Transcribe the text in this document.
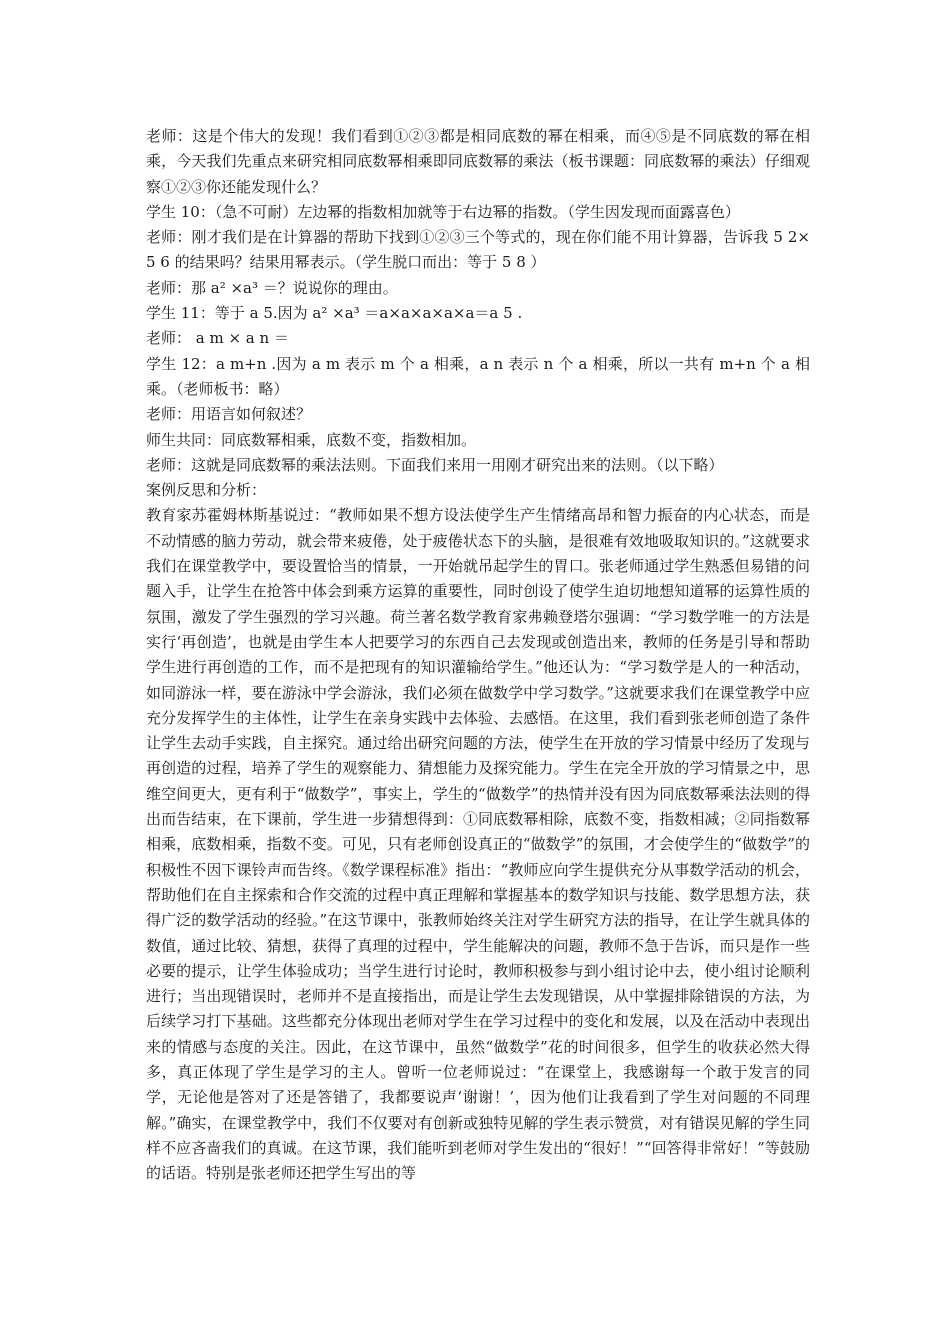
老师：这是个伟大的发现！我们看到①②③都是相同底数的幂在相乘，而④⑤是不同底数的幂在相乘，今天我们先重点来研究相同底数幂相乘即同底数幂的乘法（板书课题：同底数幂的乘法）仔细观察①②③你还能发现什么？

学生 10：（急不可耐）左边幂的指数相加就等于右边幂的指数。（学生因发现而面露喜色）

老师：刚才我们是在计算器的帮助下找到①②③三个等式的，现在你们能不用计算器，告诉我 5 2×5 6 的结果吗？结果用幂表示。（学生脱口而出：等于 5 8 ）

老师：那 a² ×a³ ＝？说说你的理由。

学生 11：等于 a 5.因为 a² ×a³ ＝a×a×a×a×a＝a 5 .

老师： a m × a n ＝

学生 12：a m+n .因为 a m 表示 m 个 a 相乘，a n 表示 n 个 a 相乘，所以一共有 m+n 个 a 相乘。（老师板书：略）

老师：用语言如何叙述？

师生共同：同底数幂相乘，底数不变，指数相加。

老师：这就是同底数幂的乘法法则。下面我们来用一用刚才研究出来的法则。（以下略）

案例反思和分析：

教育家苏霍姆林斯基说过：“教师如果不想方设法使学生产生情绪高昂和智力振奋的内心状态，而是不动情感的脑力劳动，就会带来疲倦，处于疲倦状态下的头脑，是很难有效地吸取知识的。”这就要求我们在课堂教学中，要设置恰当的情景，一开始就吊起学生的胃口。张老师通过学生熟悉但易错的问题入手，让学生在抢答中体会到乘方运算的重要性，同时创设了使学生迫切地想知道幂的运算性质的氛围，激发了学生强烈的学习兴趣。荷兰著名数学教育家弗赖登塔尔强调：“学习数学唯一的方法是实行‘再创造’，也就是由学生本人把要学习的东西自己去发现或创造出来，教师的任务是引导和帮助学生进行再创造的工作，而不是把现有的知识灌输给学生。”他还认为：“学习数学是人的一种活动，如同游泳一样，要在游泳中学会游泳，我们必须在做数学中学习数学。”这就要求我们在课堂教学中应充分发挥学生的主体性，让学生在亲身实践中去体验、去感悟。在这里，我们看到张老师创造了条件让学生去动手实践，自主探究。通过给出研究问题的方法，使学生在开放的学习情景中经历了发现与再创造的过程，培养了学生的观察能力、猜想能力及探究能力。学生在完全开放的学习情景之中，思维空间更大，更有利于“做数学”，事实上，学生的“做数学”的热情并没有因为同底数幂乘法法则的得出而告结束，在下课前，学生进一步猜想得到：①同底数幂相除，底数不变，指数相减；②同指数幂相乘，底数相乘，指数不变。可见，只有老师创设真正的“做数学”的氛围，才会使学生的“做数学”的积极性不因下课铃声而告终。《数学课程标准》指出：“教师应向学生提供充分从事数学活动的机会，帮助他们在自主探索和合作交流的过程中真正理解和掌握基本的数学知识与技能、数学思想方法，获得广泛的数学活动的经验。”在这节课中，张教师始终关注对学生研究方法的指导，在让学生就具体的数值，通过比较、猜想，获得了真理的过程中，学生能解决的问题，教师不急于告诉，而只是作一些必要的提示，让学生体验成功；当学生进行讨论时，教师积极参与到小组讨论中去，使小组讨论顺利进行；当出现错误时，老师并不是直接指出，而是让学生去发现错误，从中掌握排除错误的方法，为后续学习打下基础。这些都充分体现出老师对学生在学习过程中的变化和发展，以及在活动中表现出来的情感与态度的关注。因此，在这节课中，虽然“做数学”花的时间很多，但学生的收获必然大得多，真正体现了学生是学习的主人。曾听一位老师说过：“在课堂上，我感谢每一个敢于发言的同学，无论他是答对了还是答错了，我都要说声‘谢谢！’，因为他们让我看到了学生对问题的不同理解。”确实，在课堂教学中，我们不仅要对有创新或独特见解的学生表示赞赏，对有错误见解的学生同样不应吝啬我们的真诚。在这节课，我们能听到老师对学生发出的“很好！”“回答得非常好！”等鼓励的话语。特别是张老师还把学生写出的等
